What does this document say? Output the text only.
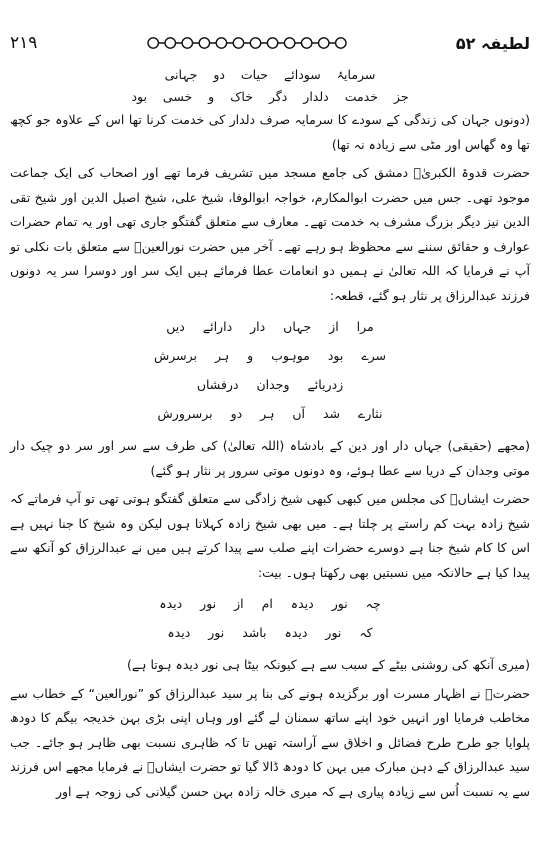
۲۱۹	لطیفہ ۵۲
سرمایۂ سودائے حیات دو جہانی
جز خدمت دلدار دگر خاک و خسی بود

(دونوں جہان کی زندگی کے سودے کا سرمایہ صرف دلدار کی خدمت کرنا تھا اس کے علاوہ جو کچھ تھا وہ گھاس اور مٹی سے زیادہ نہ تھا)

حضرت قدوۃ الکبریٰؒ دمشق کی جامع مسجد میں تشریف فرما تھے اور اصحاب کی ایک جماعت موجود تھی۔ جس میں حضرت ابوالمکارم، خواجہ ابوالوفا، شیخ علی، شیخ اصیل الدین اور شیخ تقی الدین نیز دیگر بزرگ مشرف بہ خدمت تھے۔ معارف سے متعلق گفتگو جاری تھی اور یہ تمام حضرات عوارف و حقائق سننے سے محظوظ ہو رہے تھے۔ آخر میں حضرت نورالعینؒ سے متعلق بات نکلی تو آپ نے فرمایا کہ اللہ تعالیٰ نے ہمیں دو انعامات عطا فرمائے ہیں ایک سر اور دوسرا سر یہ دونوں فرزند عبدالرزاق پر نثار ہو گئے، قطعہ:

مرا از جہاں دار دارائے دیں
سرے بود موہوب و ہر برسرش
زدریائے وجدان درفشاں
نثارے شد آں ہر دو برسرورش

(مجھے (حقیقی) جہاں دار اور دین کے بادشاہ (اللہ تعالیٰ) کی طرف سے سر اور سر دو چیک دار موتی وجدان کے دریا سے عطا ہوئے، وہ دونوں موتی سرور پر نثار ہو گئے)

حضرت ایشاںؒ کی مجلس میں کبھی کبھی شیخ زادگی سے متعلق گفتگو ہوتی تھی تو آپ فرماتے کہ شیخ زادہ بہت کم راستے پر چلتا ہے۔ میں بھی شیخ زادہ کہلاتا ہوں لیکن وہ شیخ کا جنا نہیں ہے اس کا کام شیخ جنا ہے دوسرے حضرات اپنے صلب سے پیدا کرتے ہیں میں نے عبدالرزاق کو آنکھ سے پیدا کیا ہے حالانکہ میں نسبتیں بھی رکھتا ہوں۔ بیت:

چہ نور دیدہ ام از نور دیدہ
کہ نور دیدہ باشد نور دیدہ

(میری آنکھ کی روشنی بیٹے کے سبب سے ہے کیونکہ بیٹا ہی نور دیدہ ہوتا ہے)

حضرتؒ نے اظہار مسرت اور برگزیدہ ہونے کی بنا پر سید عبدالرزاق کو ”نورالعین“ کے خطاب سے مخاطب فرمایا اور انہیں خود اپنے ساتھ سمنان لے گئے اور وہاں اپنی بڑی بہن خدیجہ بیگم کا دودھ پلوایا جو طرح طرح فضائل و اخلاق سے آراستہ تھیں تا کہ ظاہری نسبت بھی ظاہر ہو جائے۔ جب سید عبدالرزاق کے دہن مبارک میں بہن کا دودھ ڈالا گیا تو حضرت ایشاںؒ نے فرمایا مجھے اس فرزند سے یہ نسبت اُس سے زیادہ پیاری ہے کہ میری خالہ زادہ بہن حسن گیلانی کی زوجہ ہے اور
